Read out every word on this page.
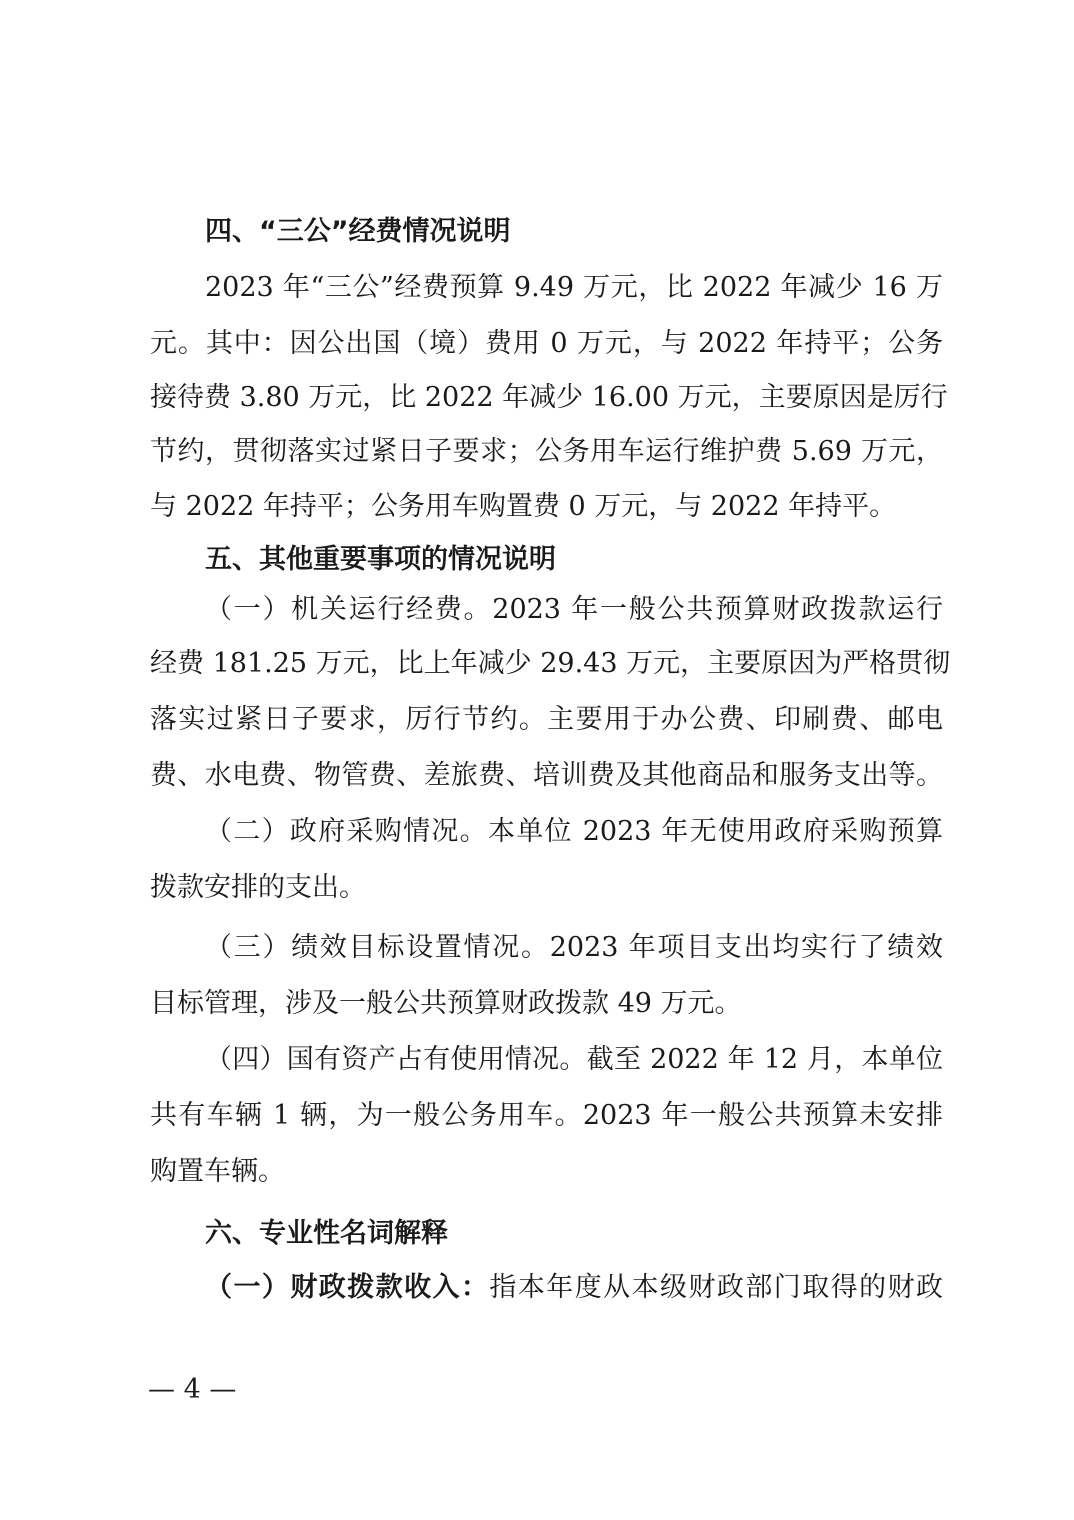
四、“三公”经费情况说明
2023 年“三公”经费预算 9.49 万元，比 2022 年减少 16 万
元。其中：因公出国（境）费用 0 万元，与 2022 年持平；公务
接待费 3.80 万元，比 2022 年减少 16.00 万元，主要原因是厉行
节约，贯彻落实过紧日子要求；公务用车运行维护费 5.69 万元，
与 2022 年持平；公务用车购置费 0 万元，与 2022 年持平。
五、其他重要事项的情况说明
（一）机关运行经费。2023 年一般公共预算财政拨款运行
经费 181.25 万元，比上年减少 29.43 万元，主要原因为严格贯彻
落实过紧日子要求，厉行节约。主要用于办公费、印刷费、邮电
费、水电费、物管费、差旅费、培训费及其他商品和服务支出等。
（二）政府采购情况。本单位 2023 年无使用政府采购预算
拨款安排的支出。
（三）绩效目标设置情况。2023 年项目支出均实行了绩效
目标管理，涉及一般公共预算财政拨款 49 万元。
（四）国有资产占有使用情况。截至 2022 年 12 月，本单位
共有车辆 1 辆，为一般公务用车。2023 年一般公共预算未安排
购置车辆。
六、专业性名词解释
（一）财政拨款收入：指本年度从本级财政部门取得的财政
— 4 —
